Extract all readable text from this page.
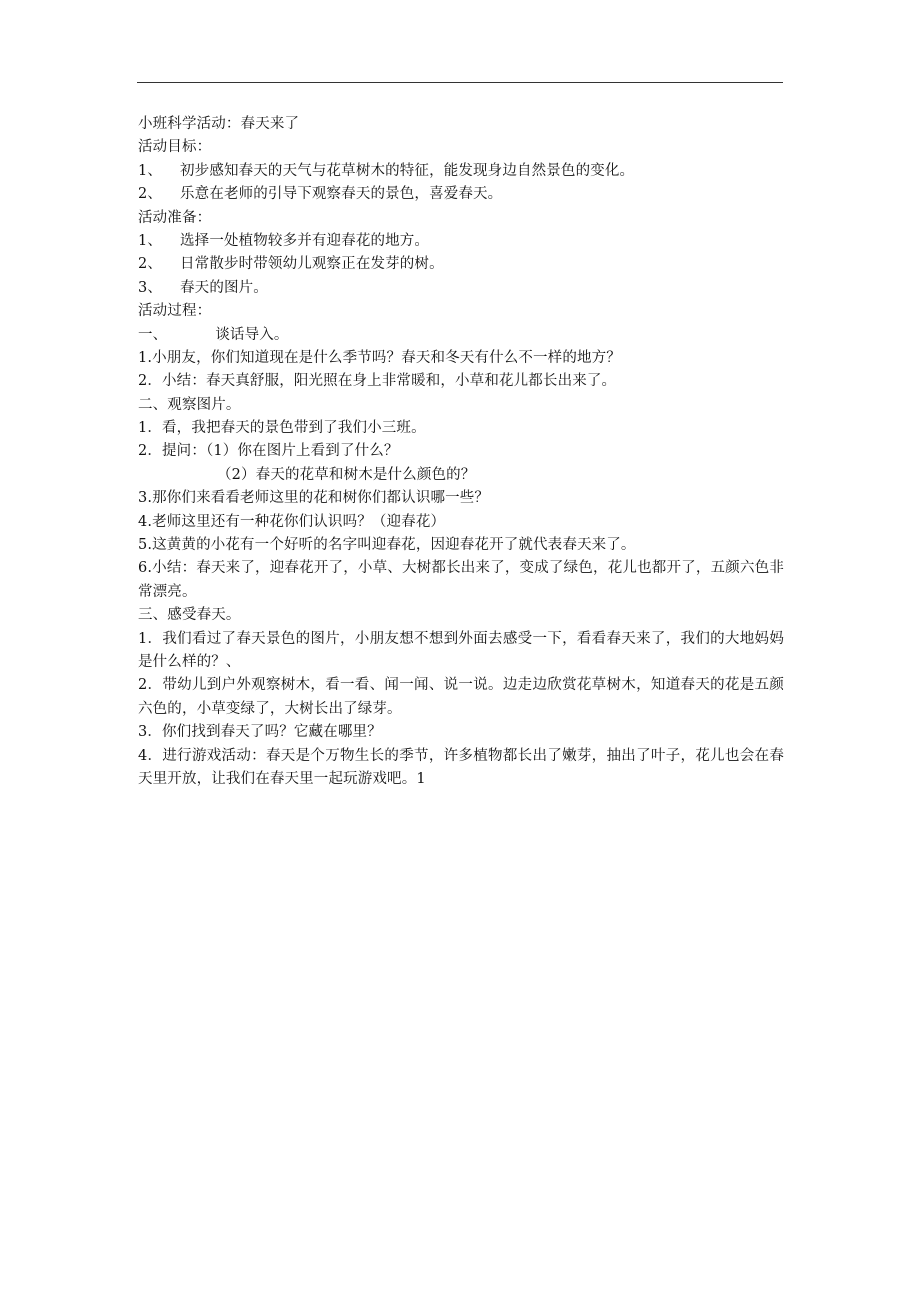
小班科学活动：春天来了
活动目标：
1、 初步感知春天的天气与花草树木的特征，能发现身边自然景色的变化。
2、 乐意在老师的引导下观察春天的景色，喜爱春天。
活动准备：
1、 选择一处植物较多并有迎春花的地方。
2、 日常散步时带领幼儿观察正在发芽的树。
3、 春天的图片。
活动过程：
一、	谈话导入。
1.小朋友，你们知道现在是什么季节吗？春天和冬天有什么不一样的地方？
2．小结：春天真舒服，阳光照在身上非常暖和，小草和花儿都长出来了。
二、观察图片。
1．看，我把春天的景色带到了我们小三班。
2．提问：（1）你在图片上看到了什么？
（2）春天的花草和树木是什么颜色的？
3.那你们来看看老师这里的花和树你们都认识哪一些？
4.老师这里还有一种花你们认识吗？（迎春花）
5.这黄黄的小花有一个好听的名字叫迎春花，因迎春花开了就代表春天来了。
6.小结：春天来了，迎春花开了，小草、大树都长出来了，变成了绿色，花儿也都开了，五颜六色非常漂亮。
三、感受春天。
1．我们看过了春天景色的图片，小朋友想不想到外面去感受一下，看看春天来了，我们的大地妈妈是什么样的？、
2．带幼儿到户外观察树木，看一看、闻一闻、说一说。边走边欣赏花草树木，知道春天的花是五颜六色的，小草变绿了，大树长出了绿芽。
3．你们找到春天了吗？它藏在哪里？
4．进行游戏活动：春天是个万物生长的季节，许多植物都长出了嫩芽，抽出了叶子，花儿也会在春天里开放，让我们在春天里一起玩游戏吧。1
